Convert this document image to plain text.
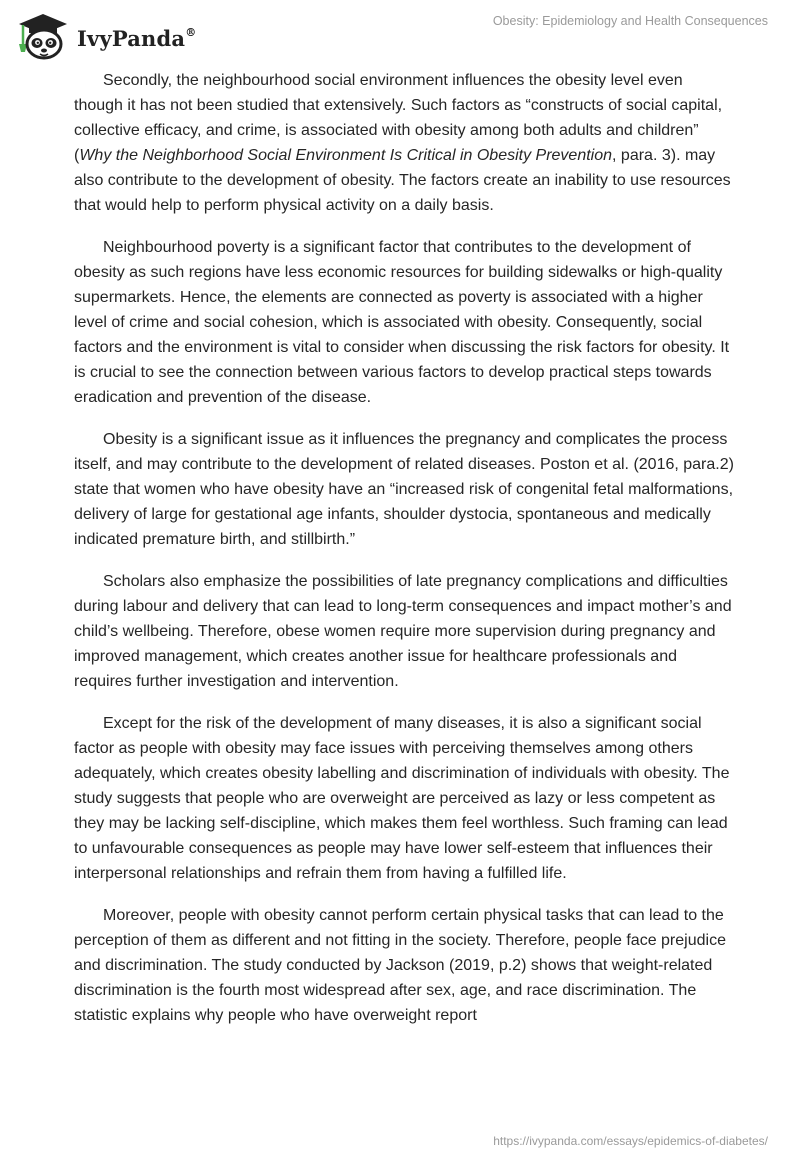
IvyPanda®
Obesity: Epidemiology and Health Consequences

Secondly, the neighbourhood social environment influences the obesity level even though it has not been studied that extensively. Such factors as “constructs of social capital, collective efficacy, and crime, is associated with obesity among both adults and children” (Why the Neighborhood Social Environment Is Critical in Obesity Prevention, para. 3). may also contribute to the development of obesity. The factors create an inability to use resources that would help to perform physical activity on a daily basis.

Neighbourhood poverty is a significant factor that contributes to the development of obesity as such regions have less economic resources for building sidewalks or high-quality supermarkets. Hence, the elements are connected as poverty is associated with a higher level of crime and social cohesion, which is associated with obesity. Consequently, social factors and the environment is vital to consider when discussing the risk factors for obesity. It is crucial to see the connection between various factors to develop practical steps towards eradication and prevention of the disease.

Obesity is a significant issue as it influences the pregnancy and complicates the process itself, and may contribute to the development of related diseases. Poston et al. (2016, para.2) state that women who have obesity have an “increased risk of congenital fetal malformations, delivery of large for gestational age infants, shoulder dystocia, spontaneous and medically indicated premature birth, and stillbirth.”

Scholars also emphasize the possibilities of late pregnancy complications and difficulties during labour and delivery that can lead to long-term consequences and impact mother’s and child’s wellbeing. Therefore, obese women require more supervision during pregnancy and improved management, which creates another issue for healthcare professionals and requires further investigation and intervention.

Except for the risk of the development of many diseases, it is also a significant social factor as people with obesity may face issues with perceiving themselves among others adequately, which creates obesity labelling and discrimination of individuals with obesity. The study suggests that people who are overweight are perceived as lazy or less competent as they may be lacking self-discipline, which makes them feel worthless. Such framing can lead to unfavourable consequences as people may have lower self-esteem that influences their interpersonal relationships and refrain them from having a fulfilled life.

Moreover, people with obesity cannot perform certain physical tasks that can lead to the perception of them as different and not fitting in the society. Therefore, people face prejudice and discrimination. The study conducted by Jackson (2019, p.2) shows that weight-related discrimination is the fourth most widespread after sex, age, and race discrimination. The statistic explains why people who have overweight report

https://ivypanda.com/essays/epidemics-of-diabetes/
